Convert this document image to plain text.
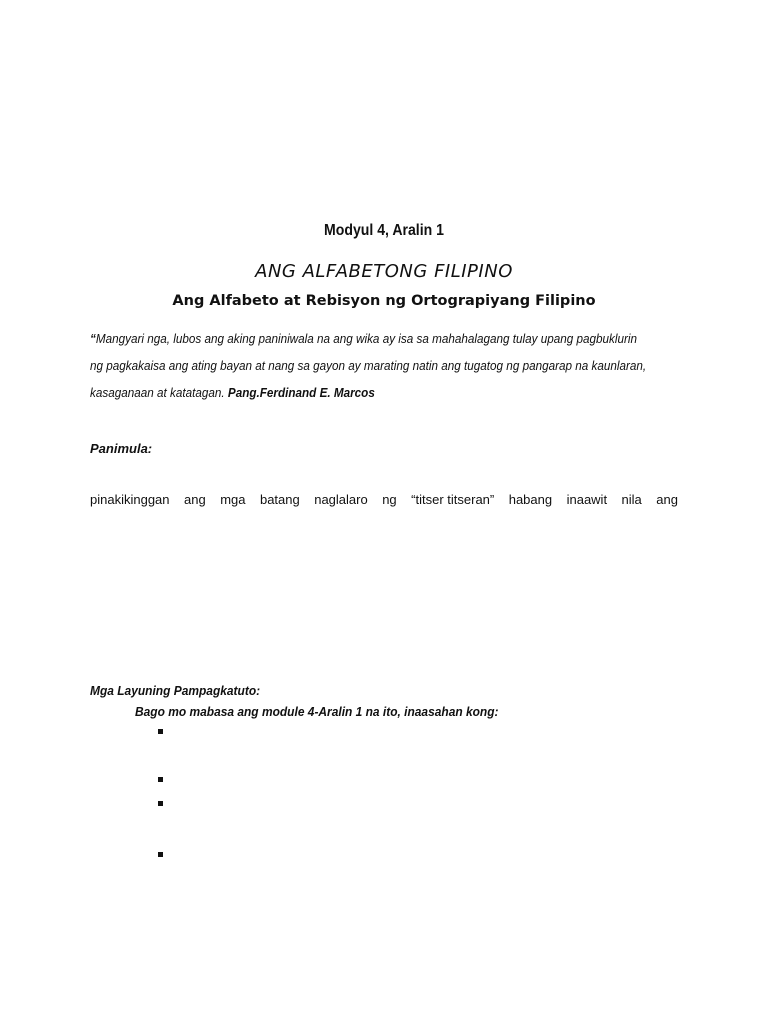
Modyul 4, Aralin 1
ANG ALFABETONG FILIPINO
Ang Alfabeto at Rebisyon ng Ortograpiyang Filipino
“Mangyari nga, lubos ang aking paniniwala na ang wika ay isa sa mahahalagang tulay upang pagbuklurin
ng pagkakaisa ang ating bayan at nang sa gayon ay marating natin ang tugatog ng pangarap na kaunlaran,
kasaganaan at katatagan. Pang.Ferdinand E. Marcos
Panimula:
pinakikinggan ang mga batang naglalaro ng “titser titseran” habang inaawit nila ang
Mga Layuning Pampagkatuto:
Bago mo mabasa ang module 4-Aralin 1 na ito, inaasahan kong:
